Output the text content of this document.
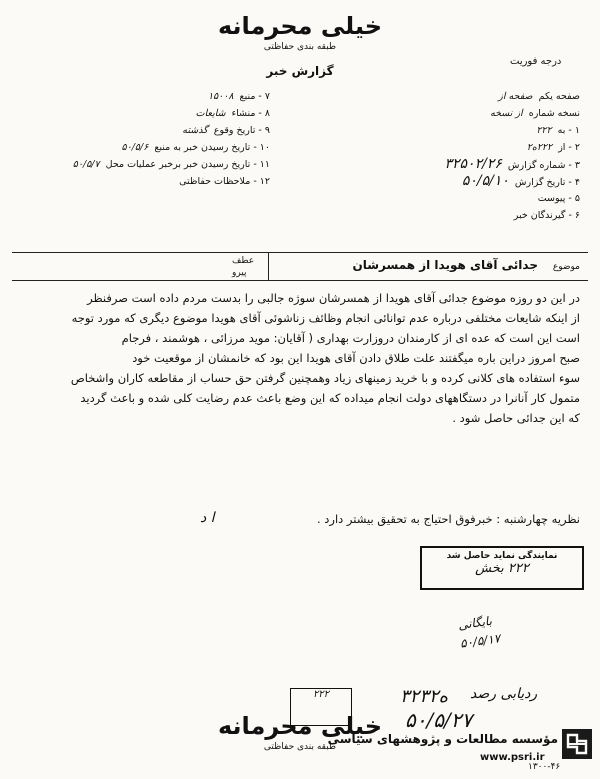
خیلی محرمانه
طبقه بندی حفاظتی
درجه فوریت
گزارش خبر
صفحه یکم  صفحه از
نسخه شماره  از نسخه
۱ - به  ۲۲۲
۲ - از  ۲۲۲ه۲
۳ - شماره گزارش  ۳۲۵۰۲/۲۶
۴ - تاریخ گزارش  ۵۰/۵/۱۰
۵ - پیوست
۶ - گیرندگان خبر
۷ - منبع  ۱۵۰۰۸
۸ - منشاء  شایعات
۹ - تاریخ وقوع  گذشته
۱۰ - تاریخ رسیدن خبر به منبع  ۵۰/۵/۶
۱۱ - تاریخ رسیدن خبر برخبر عملیات محل  ۵۰/۵/۷
۱۲ - ملاحظات حفاظتی
موضوع
جدائی آقای هویدا از همسرشان
عطف
پیرو
در این دو روزه موضوع جدائی آقای هویدا از همسرشان سوژه جالبی را بدست مردم داده است صرفنظر
از اینکه شایعات مختلفی درباره عدم توانائی انجام وظائف زناشوئی آقای هویدا موضوع دیگری که مورد توجه
است این است که عده ای از کارمندان دروزارت بهداری ( آقایان: موید مرزائی ، هوشمند ، فرجام
صبح امروز دراین باره میگفتند علت طلاق دادن آقای هویدا این بود که خانمشان از موقعیت خود
سوء استفاده های کلانی کرده و با خرید زمینهای زیاد وهمچنین گرفتن حق حساب از مقاطعه کاران واشخاص
متمول کار آنانرا در دستگاههای دولت انجام میداده که این وضع باعث عدم رضایت کلی شده و باعث گردید
که این جدائی حاصل شود .
نظریه چهارشنبه : خبرفوق احتیاج به تحقیق بیشتر دارد .
ا د
نمایندگی نماید حاصل شد
۲۲۲ بخش
بایگانی
۵۰/۵/۱۷
ردیابی رصد
۳۲۳۲ه
۵۰/۵/۲۷
۲۲۲
خیلی محرمانه
طبقه بندی حفاظتی
مؤسسه مطالعات و پژوهشهای سیاسی
www.psri.ir
۱۳۰۰-۴۶
